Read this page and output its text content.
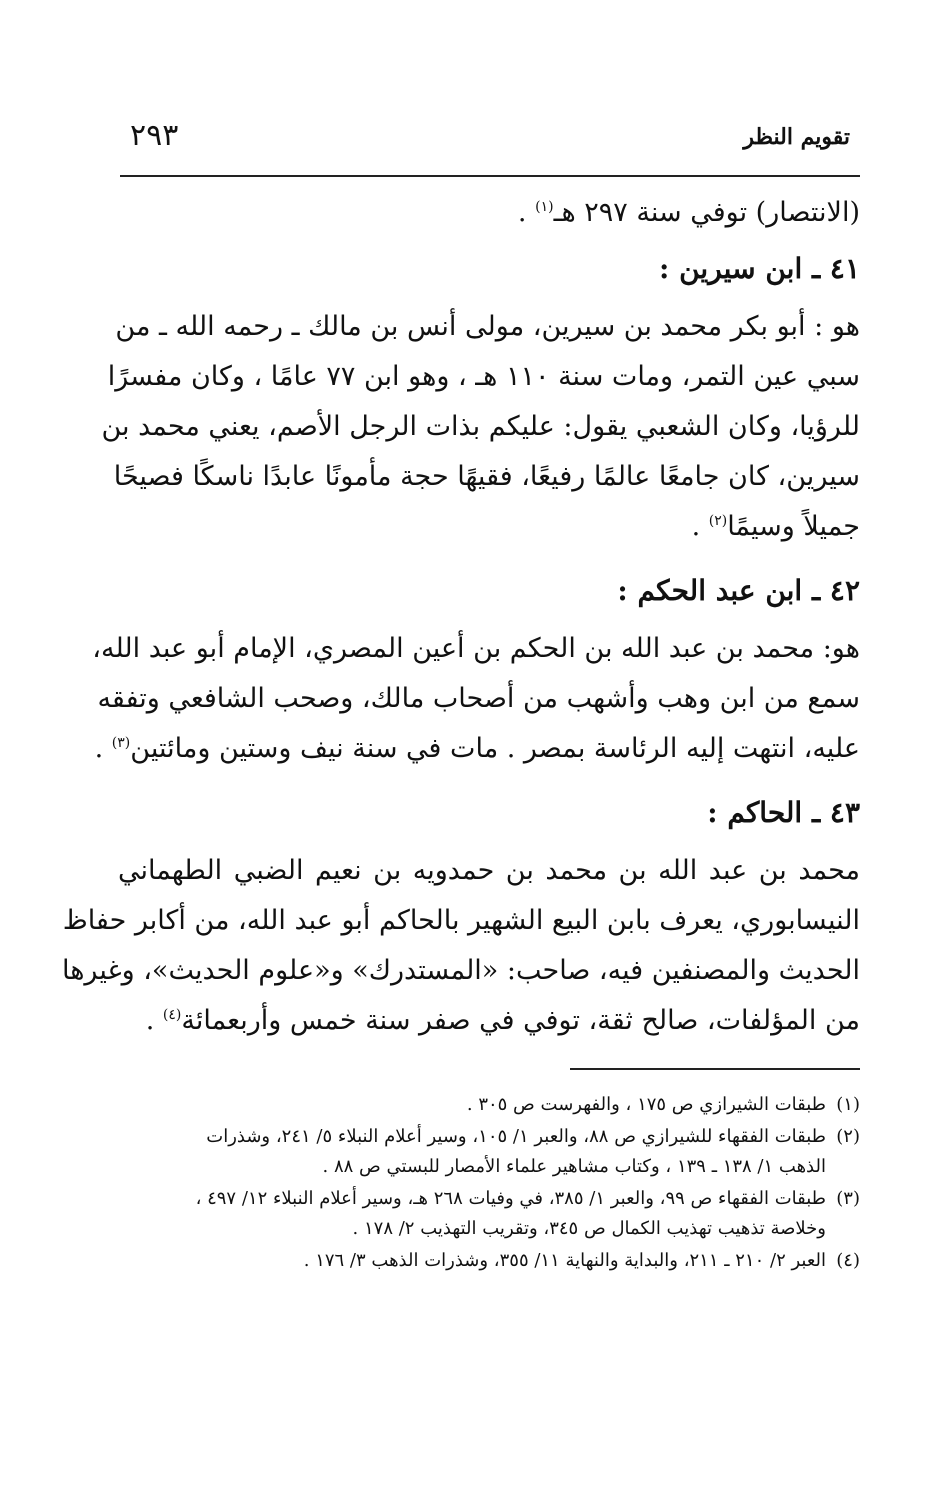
تقويم النظر
٢٩٣
(الانتصار) توفي سنة ٢٩٧ هـ$^{(١)}$ .
٤١ ـ ابن سيرين :
هو : أبو بكر محمد بن سيرين، مولى أنس بن مالك ـ رحمه الله ـ من
سبي عين التمر، ومات سنة ١١٠ هـ ، وهو ابن ٧٧ عامًا ، وكان مفسرًا
للرؤيا، وكان الشعبي يقول: عليكم بذات الرجل الأصم، يعني محمد بن
سيرين، كان جامعًا عالمًا رفيعًا، فقيهًا حجة مأمونًا عابدًا ناسكًا فصيحًا
جميلاً وسيمًا$^{(٢)}$ .
٤٢ ـ ابن عبد الحكم :
هو: محمد بن عبد الله بن الحكم بن أعين المصري، الإمام أبو عبد الله،
سمع من ابن وهب وأشهب من أصحاب مالك، وصحب الشافعي وتفقه
عليه، انتهت إليه الرئاسة بمصر . مات في سنة نيف وستين ومائتين$^{(٣)}$ .
٤٣ ـ الحاكم :
محمد بن عبد الله بن محمد بن حمدويه بن نعيم الضبي الطهماني
النيسابوري، يعرف بابن البيع الشهير بالحاكم أبو عبد الله، من أكابر حفاظ
الحديث والمصنفين فيه، صاحب: «المستدرك» و«علوم الحديث»، وغيرها
من المؤلفات، صالح ثقة، توفي في صفر سنة خمس وأربعمائة$^{(٤)}$ .
(١)طبقات الشيرازي ص ١٧٥ ، والفهرست ص ٣٠٥ .
(٢)طبقات الفقهاء للشيرازي ص ٨٨، والعبر ١/ ١٠٥، وسير أعلام النبلاء ٥/ ٢٤١، وشذرات
الذهب ١/ ١٣٨ ـ ١٣٩ ، وكتاب مشاهير علماء الأمصار للبستي ص ٨٨ .
(٣)طبقات الفقهاء ص ٩٩، والعبر ١/ ٣٨٥، في وفيات ٢٦٨ هـ، وسير أعلام النبلاء ١٢/ ٤٩٧ ،
وخلاصة تذهيب تهذيب الكمال ص ٣٤٥، وتقريب التهذيب ٢/ ١٧٨ .
(٤)العبر ٢/ ٢١٠ ـ ٢١١، والبداية والنهاية ١١/ ٣٥٥، وشذرات الذهب ٣/ ١٧٦ .
